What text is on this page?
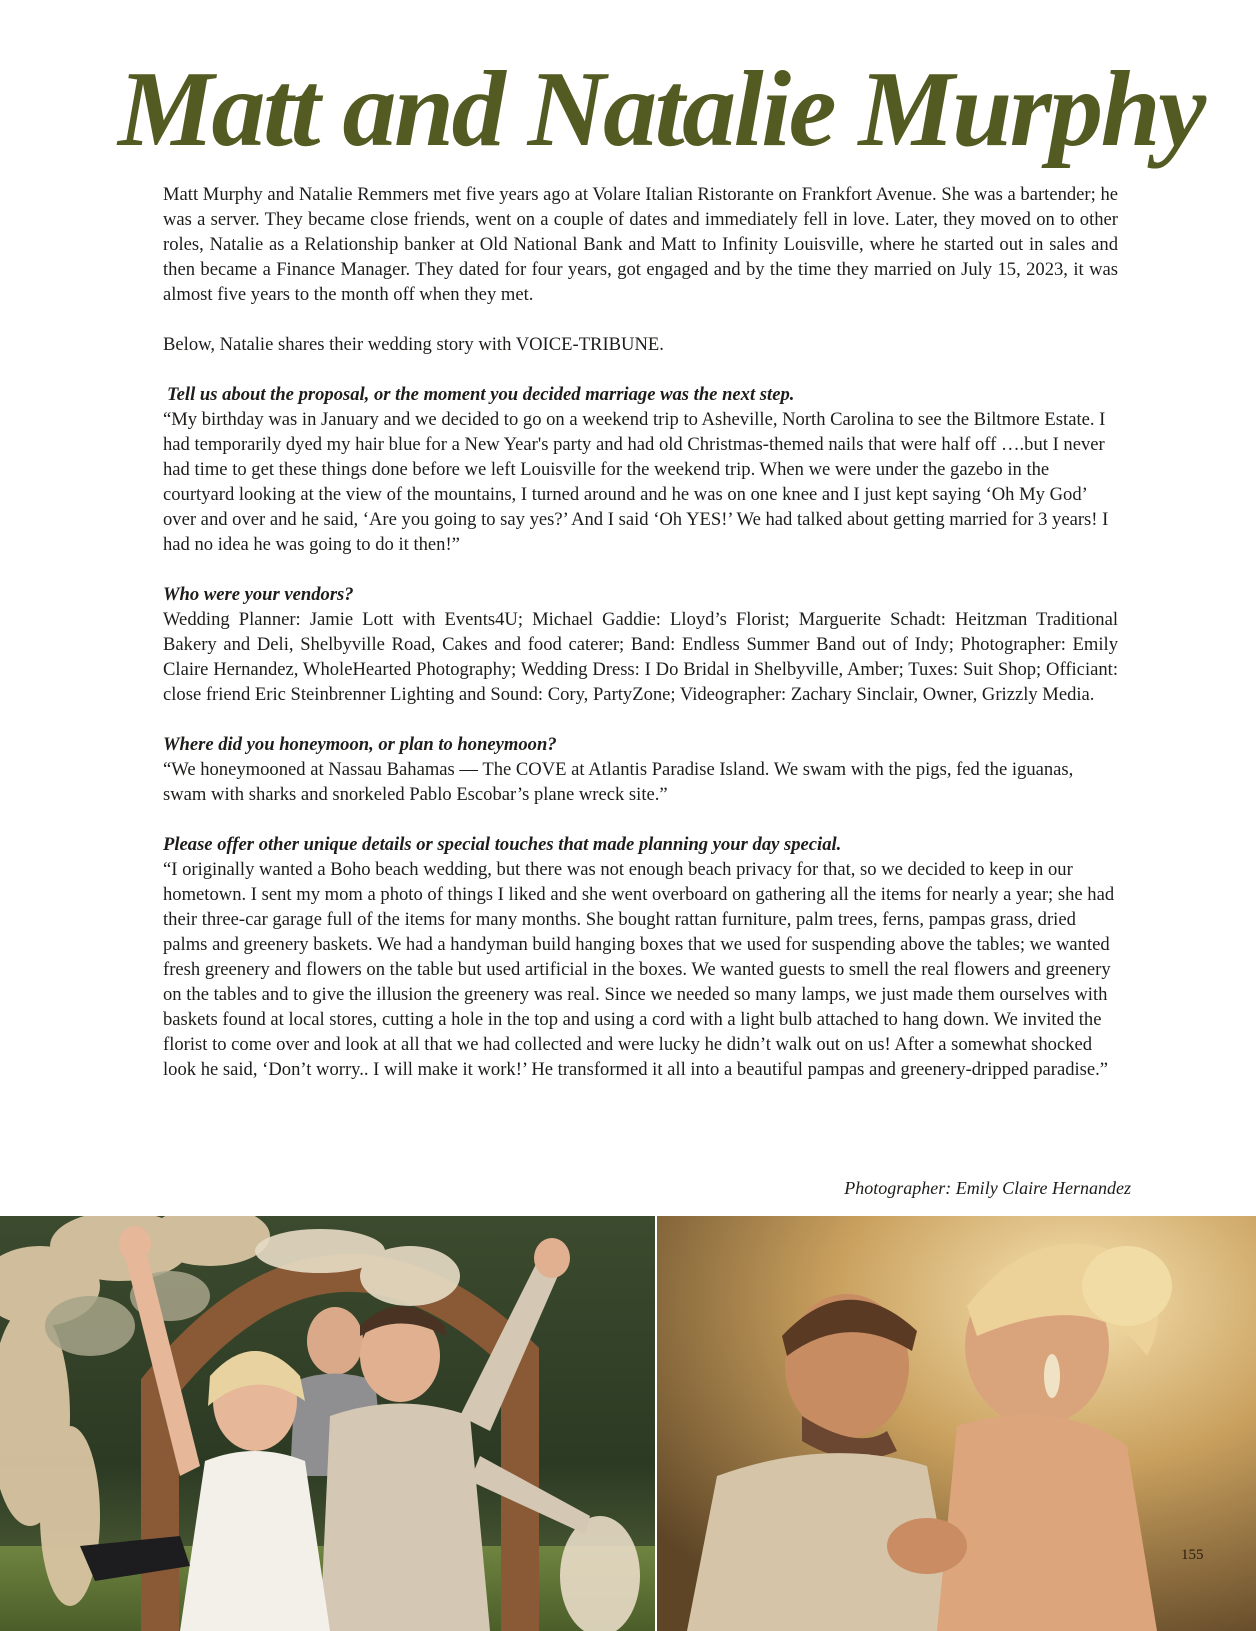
Matt and Natalie Murphy

Matt Murphy and Natalie Remmers met five years ago at Volare Italian Ristorante on Frankfort Avenue. She was a bartender; he was a server. They became close friends, went on a couple of dates and immediately fell in love. Later, they moved on to other roles, Natalie as a Relationship banker at Old National Bank and Matt to Infinity Louisville, where he started out in sales and then became a Finance Manager. They dated for four years, got engaged and by the time they married on July 15, 2023, it was almost five years to the month off when they met.

Below, Natalie shares their wedding story with VOICE-TRIBUNE.

Tell us about the proposal, or the moment you decided marriage was the next step.

“My birthday was in January and we decided to go on a weekend trip to Asheville, North Carolina to see the Biltmore Estate. I had temporarily dyed my hair blue for a New Year's party and had old Christmas-themed nails that were half off ….but I never had time to get these things done before we left Louisville for the weekend trip. When we were under the gazebo in the courtyard looking at the view of the mountains, I turned around and he was on one knee and I just kept saying ‘Oh My God’ over and over and he said, ‘Are you going to say yes?’ And I said ‘Oh YES!’ We had talked about getting married for 3 years! I had no idea he was going to do it then!”

Who were your vendors?

Wedding Planner: Jamie Lott with Events4U; Michael Gaddie: Lloyd’s Florist; Marguerite Schadt: Heitzman Traditional Bakery and Deli, Shelbyville Road, Cakes and food caterer; Band: Endless Summer Band out of Indy; Photographer: Emily Claire Hernandez, WholeHearted Photography; Wedding Dress: I Do Bridal in Shelbyville, Amber; Tuxes: Suit Shop; Officiant: close friend Eric Steinbrenner Lighting and Sound: Cory, PartyZone; Videographer: Zachary Sinclair, Owner, Grizzly Media.

Where did you honeymoon, or plan to honeymoon?

“We honeymooned at Nassau Bahamas — The COVE at Atlantis Paradise Island. We swam with the pigs, fed the iguanas, swam with sharks and snorkeled Pablo Escobar’s plane wreck site.”

Please offer other unique details or special touches that made planning your day special.

“I originally wanted a Boho beach wedding, but there was not enough beach privacy for that, so we decided to keep in our hometown. I sent my mom a photo of things I liked and she went overboard on gathering all the items for nearly a year; she had their three-car garage full of the items for many months. She bought rattan furniture, palm trees, ferns, pampas grass, dried palms and greenery baskets. We had a handyman build hanging boxes that we used for suspending above the tables; we wanted fresh greenery and flowers on the table but used artificial in the boxes. We wanted guests to smell the real flowers and greenery on the tables and to give the illusion the greenery was real. Since we needed so many lamps, we just made them ourselves with baskets found at local stores, cutting a hole in the top and using a cord with a light bulb attached to hang down. We invited the florist to come over and look at all that we had collected and were lucky he didn’t walk out on us! After a somewhat shocked look he said, ‘Don’t worry.. I will make it work!’ He transformed it all into a beautiful pampas and greenery-dripped paradise.”

Photographer: Emily Claire Hernandez
155
